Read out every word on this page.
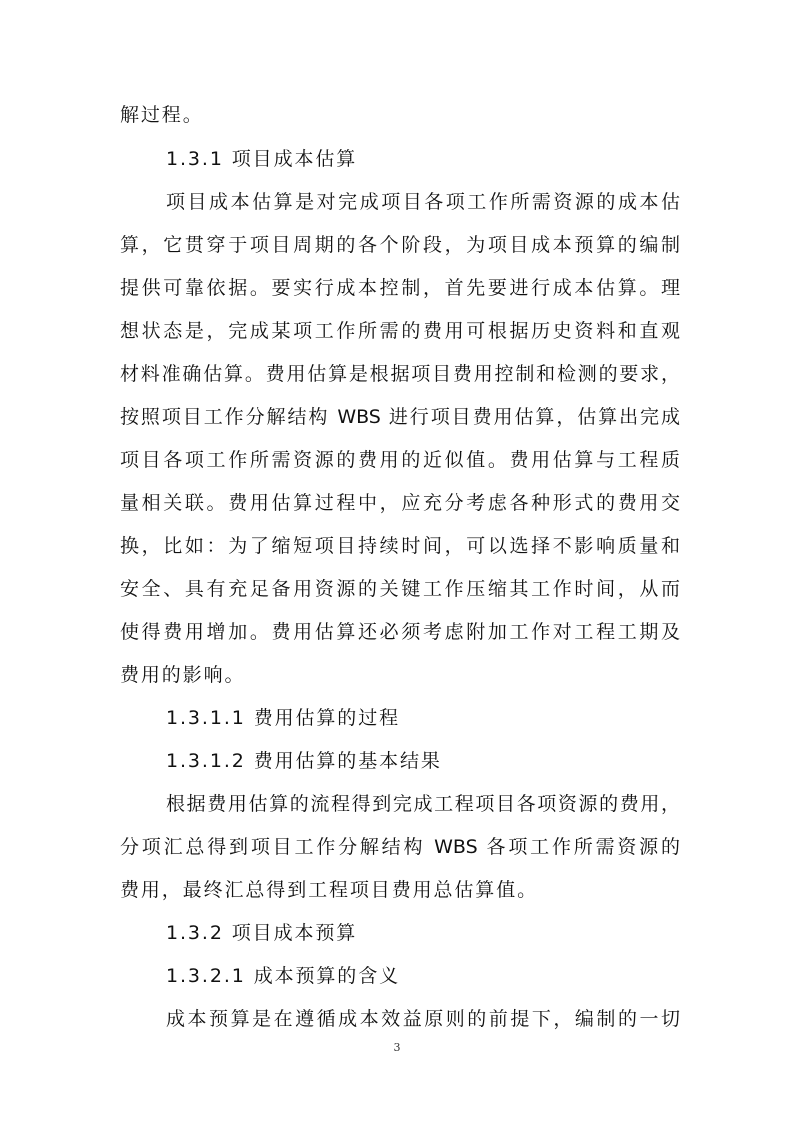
解过程。
1.3.1 项目成本估算
项目成本估算是对完成项目各项工作所需资源的成本估
算，它贯穿于项目周期的各个阶段，为项目成本预算的编制
提供可靠依据。要实行成本控制，首先要进行成本估算。理
想状态是，完成某项工作所需的费用可根据历史资料和直观
材料准确估算。费用估算是根据项目费用控制和检测的要求，
按照项目工作分解结构 WBS 进行项目费用估算，估算出完成
项目各项工作所需资源的费用的近似值。费用估算与工程质
量相关联。费用估算过程中，应充分考虑各种形式的费用交
换，比如：为了缩短项目持续时间，可以选择不影响质量和
安全、具有充足备用资源的关键工作压缩其工作时间，从而
使得费用增加。费用估算还必须考虑附加工作对工程工期及
费用的影响。
1.3.1.1 费用估算的过程
1.3.1.2 费用估算的基本结果
根据费用估算的流程得到完成工程项目各项资源的费用，
分项汇总得到项目工作分解结构 WBS 各项工作所需资源的
费用，最终汇总得到工程项目费用总估算值。
1.3.2 项目成本预算
1.3.2.1 成本预算的含义
成本预算是在遵循成本效益原则的前提下，编制的一切
3
